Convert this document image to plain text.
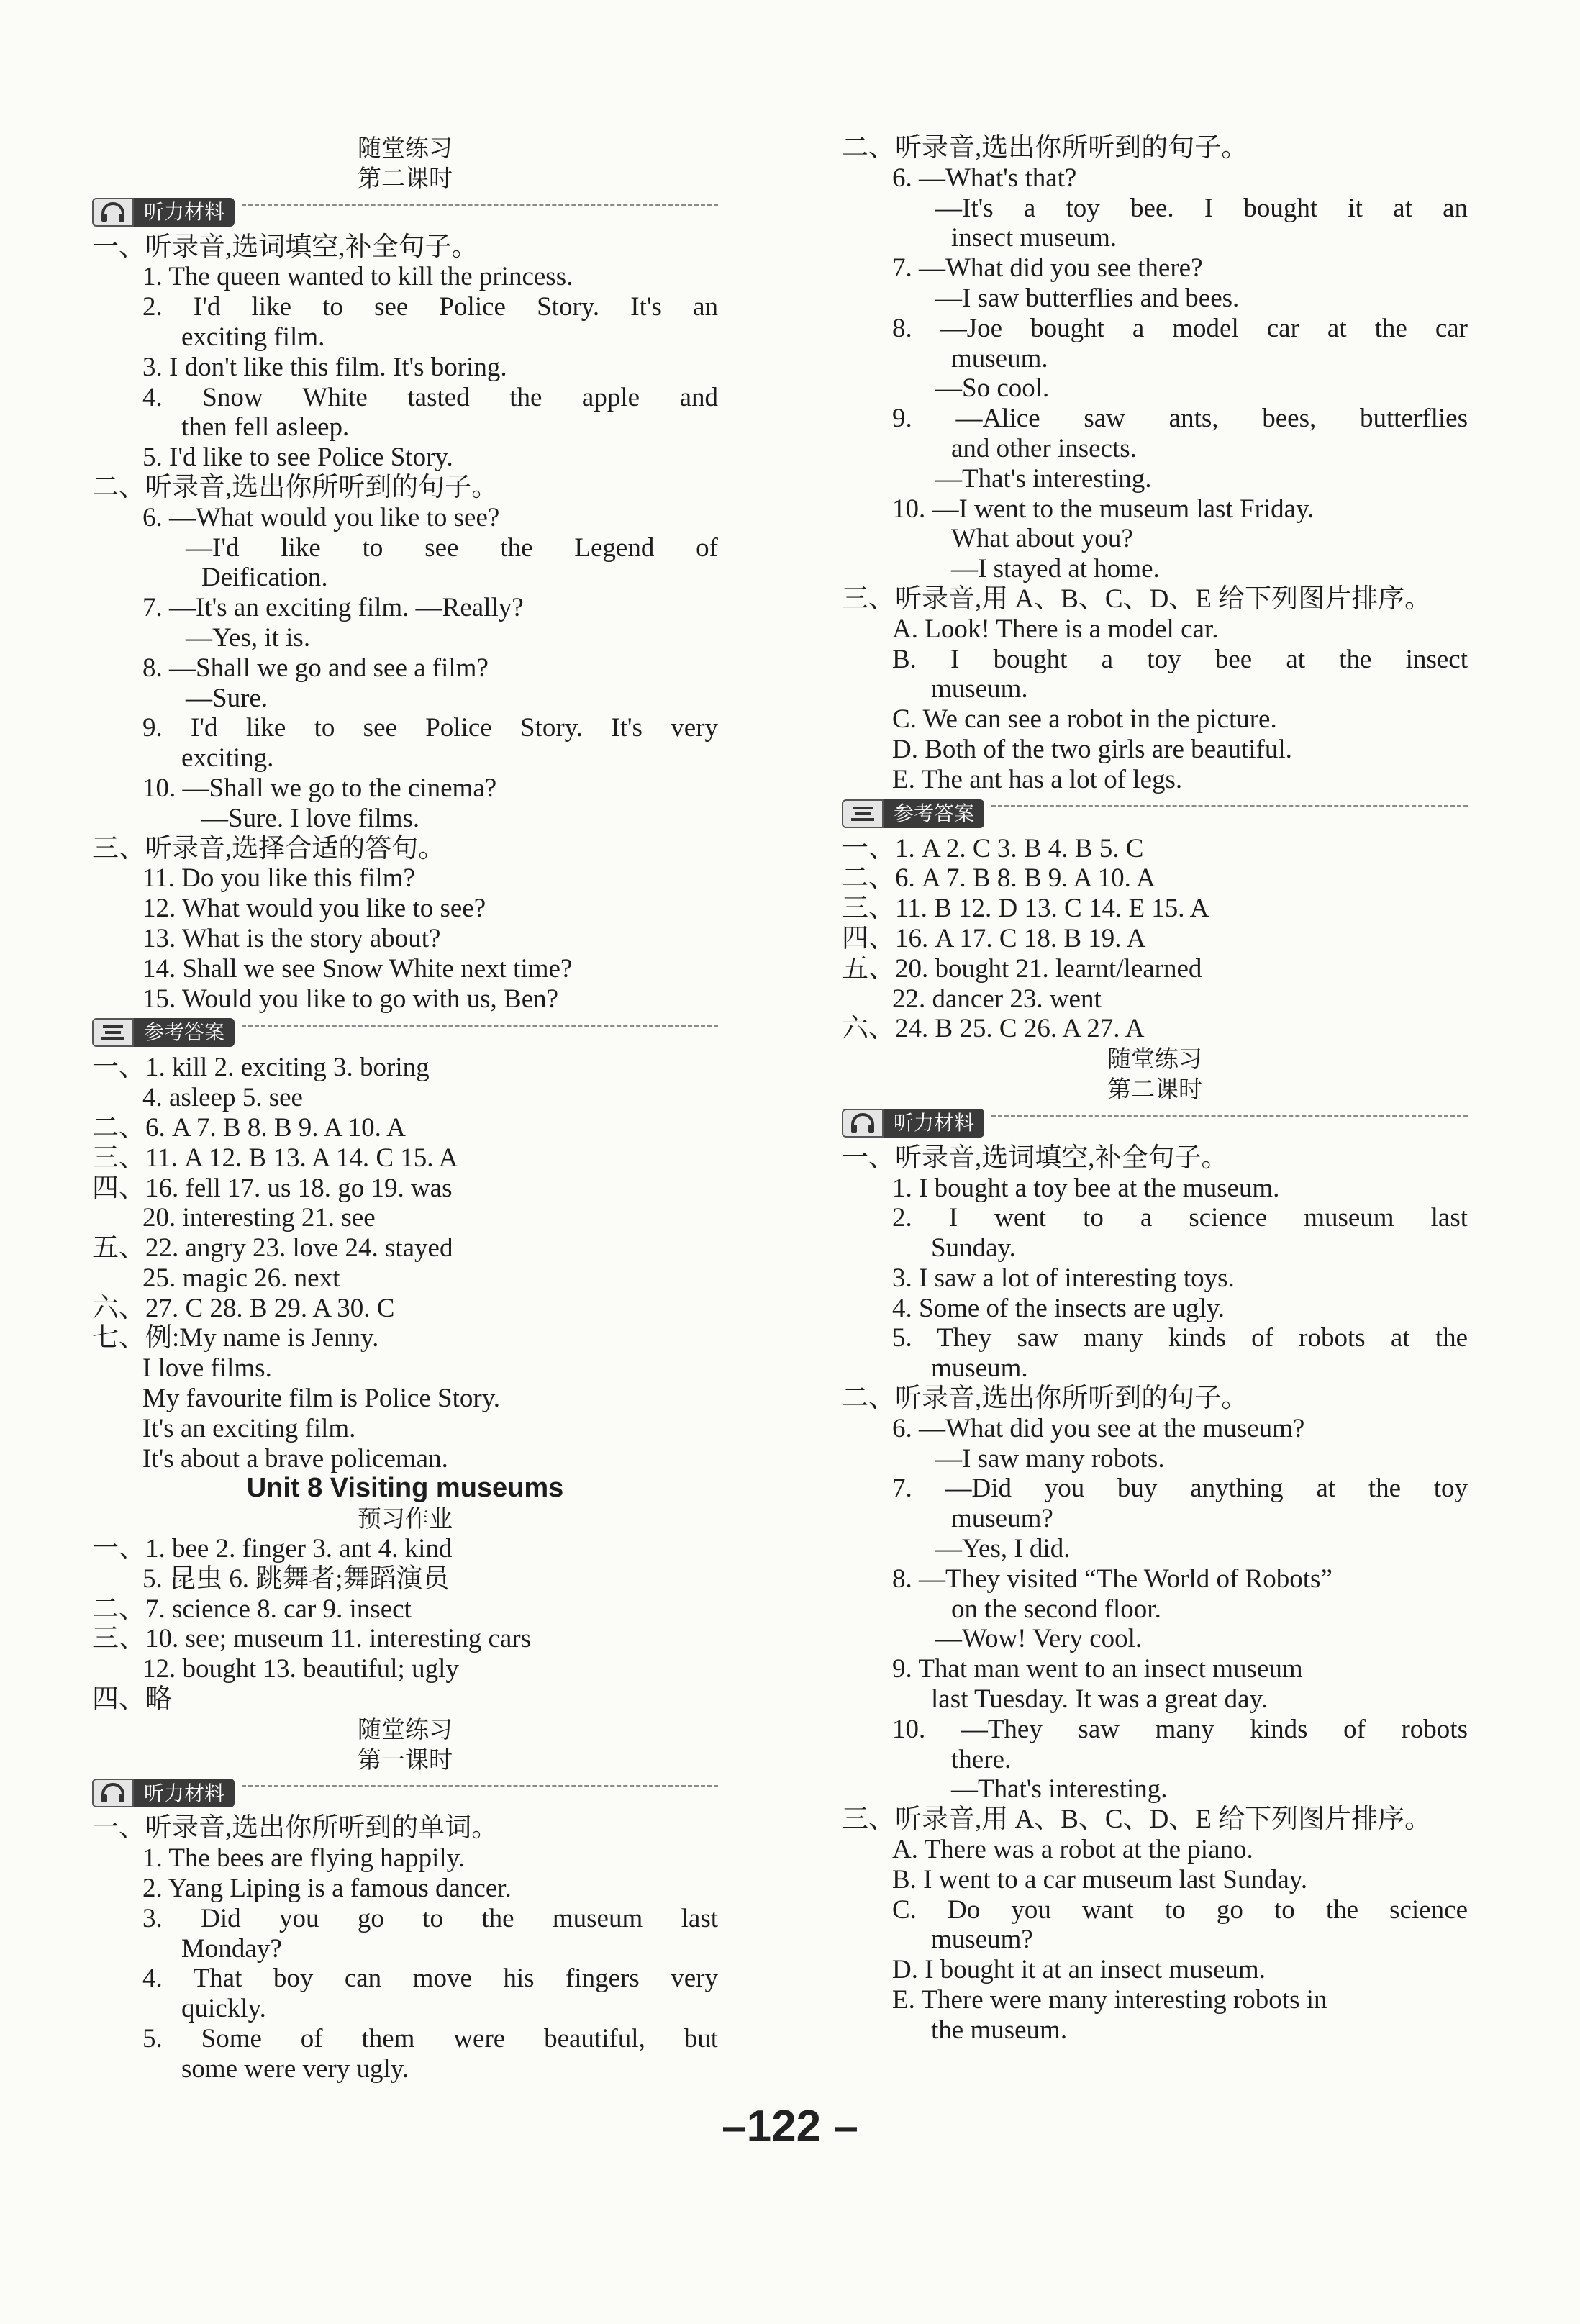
随堂练习
第二课时
听力材料
一、听录音,选词填空,补全句子。
1. The queen wanted to kill the princess.
2. I'd like to see Police Story. It's an
exciting film.
3. I don't like this film. It's boring.
4. Snow White tasted the apple and
then fell asleep.
5. I'd like to see Police Story.
二、听录音,选出你所听到的句子。
6. —What would you like to see?
—I'd like to see the Legend of
Deification.
7. —It's an exciting film. —Really?
—Yes, it is.
8. —Shall we go and see a film?
—Sure.
9. I'd like to see Police Story. It's very
exciting.
10. —Shall we go to the cinema?
—Sure. I love films.
三、听录音,选择合适的答句。
11. Do you like this film?
12. What would you like to see?
13. What is the story about?
14. Shall we see Snow White next time?
15. Would you like to go with us, Ben?
参考答案
一、1. kill 2. exciting 3. boring
4. asleep 5. see
二、6. A 7. B 8. B 9. A 10. A
三、11. A 12. B 13. A 14. C 15. A
四、16. fell 17. us 18. go 19. was
20. interesting 21. see
五、22. angry 23. love 24. stayed
25. magic 26. next
六、27. C 28. B 29. A 30. C
七、例:My name is Jenny.
I love films.
My favourite film is Police Story.
It's an exciting film.
It's about a brave policeman.
Unit 8 Visiting museums
预习作业
一、1. bee 2. finger 3. ant 4. kind
5. 昆虫 6. 跳舞者;舞蹈演员
二、7. science 8. car 9. insect
三、10. see; museum 11. interesting cars
12. bought 13. beautiful; ugly
四、略
随堂练习
第一课时
听力材料
一、听录音,选出你所听到的单词。
1. The bees are flying happily.
2. Yang Liping is a famous dancer.
3. Did you go to the museum last
Monday?
4. That boy can move his fingers very
quickly.
5. Some of them were beautiful, but
some were very ugly.
二、听录音,选出你所听到的句子。
6. —What's that?
—It's a toy bee. I bought it at an
insect museum.
7. —What did you see there?
—I saw butterflies and bees.
8. —Joe bought a model car at the car
museum.
—So cool.
9. —Alice saw ants, bees, butterflies
and other insects.
—That's interesting.
10. —I went to the museum last Friday.
What about you?
—I stayed at home.
三、听录音,用 A、B、C、D、E 给下列图片排序。
A. Look! There is a model car.
B. I bought a toy bee at the insect
museum.
C. We can see a robot in the picture.
D. Both of the two girls are beautiful.
E. The ant has a lot of legs.
参考答案
一、1. A 2. C 3. B 4. B 5. C
二、6. A 7. B 8. B 9. A 10. A
三、11. B 12. D 13. C 14. E 15. A
四、16. A 17. C 18. B 19. A
五、20. bought 21. learnt/learned
22. dancer 23. went
六、24. B 25. C 26. A 27. A
随堂练习
第二课时
听力材料
一、听录音,选词填空,补全句子。
1. I bought a toy bee at the museum.
2. I went to a science museum last
Sunday.
3. I saw a lot of interesting toys.
4. Some of the insects are ugly.
5. They saw many kinds of robots at the
museum.
二、听录音,选出你所听到的句子。
6. —What did you see at the museum?
—I saw many robots.
7. —Did you buy anything at the toy
museum?
—Yes, I did.
8. —They visited “The World of Robots”
on the second floor.
—Wow! Very cool.
9. That man went to an insect museum
last Tuesday. It was a great day.
10. —They saw many kinds of robots
there.
—That's interesting.
三、听录音,用 A、B、C、D、E 给下列图片排序。
A. There was a robot at the piano.
B. I went to a car museum last Sunday.
C. Do you want to go to the science
museum?
D. I bought it at an insect museum.
E. There were many interesting robots in
the museum.
–122 –
